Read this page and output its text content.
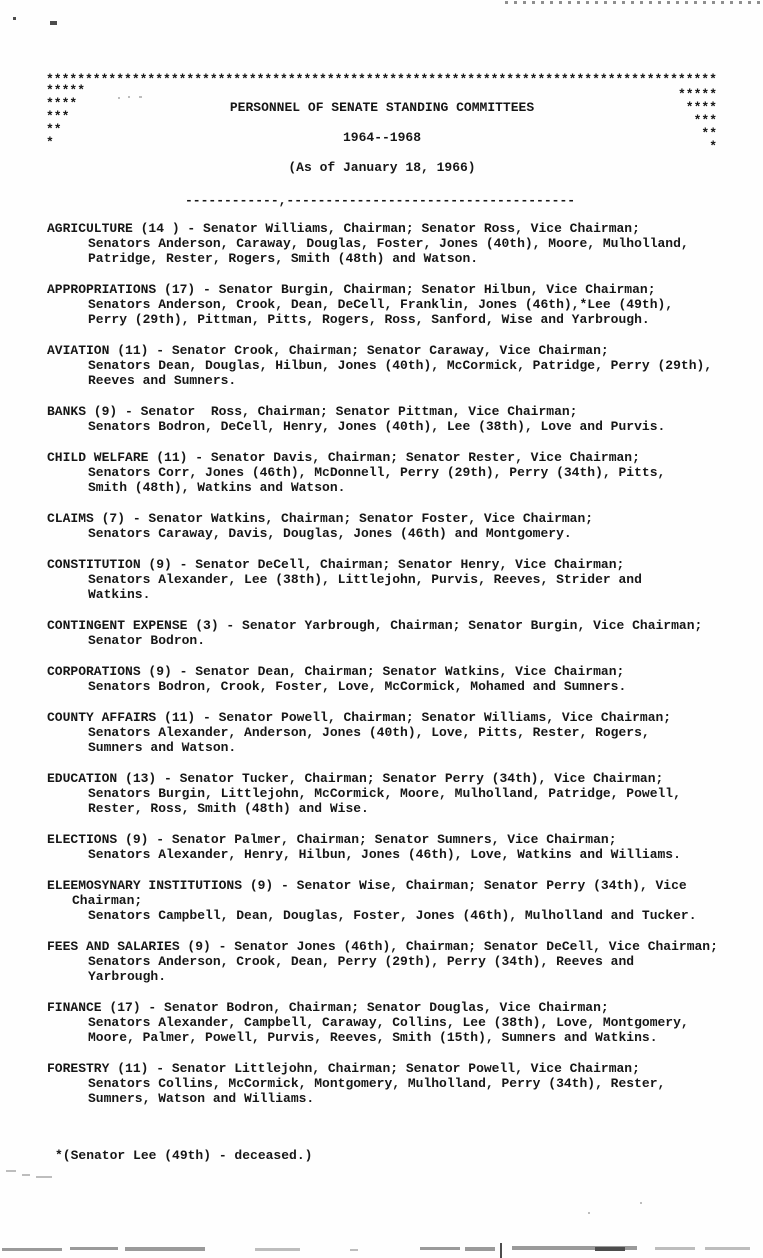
**************************************************************************************
*****
****
***
**
*
*****
****
***
**
*
PERSONNEL OF SENATE STANDING COMMITTEES
1964--1968
(As of January 18, 1966)
------------,-------------------------------------
AGRICULTURE (14 ) - Senator Williams, Chairman; Senator Ross, Vice Chairman;
Senators Anderson, Caraway, Douglas, Foster, Jones (40th), Moore, Mulholland,
Patridge, Rester, Rogers, Smith (48th) and Watson.
APPROPRIATIONS (17) - Senator Burgin, Chairman; Senator Hilbun, Vice Chairman;
Senators Anderson, Crook, Dean, DeCell, Franklin, Jones (46th),*Lee (49th),
Perry (29th), Pittman, Pitts, Rogers, Ross, Sanford, Wise and Yarbrough.
AVIATION (11) - Senator Crook, Chairman; Senator Caraway, Vice Chairman;
Senators Dean, Douglas, Hilbun, Jones (40th), McCormick, Patridge, Perry (29th),
Reeves and Sumners.
BANKS (9) - Senator  Ross, Chairman; Senator Pittman, Vice Chairman;
Senators Bodron, DeCell, Henry, Jones (40th), Lee (38th), Love and Purvis.
CHILD WELFARE (11) - Senator Davis, Chairman; Senator Rester, Vice Chairman;
Senators Corr, Jones (46th), McDonnell, Perry (29th), Perry (34th), Pitts,
Smith (48th), Watkins and Watson.
CLAIMS (7) - Senator Watkins, Chairman; Senator Foster, Vice Chairman;
Senators Caraway, Davis, Douglas, Jones (46th) and Montgomery.
CONSTITUTION (9) - Senator DeCell, Chairman; Senator Henry, Vice Chairman;
Senators Alexander, Lee (38th), Littlejohn, Purvis, Reeves, Strider and
Watkins.
CONTINGENT EXPENSE (3) - Senator Yarbrough, Chairman; Senator Burgin, Vice Chairman;
Senator Bodron.
CORPORATIONS (9) - Senator Dean, Chairman; Senator Watkins, Vice Chairman;
Senators Bodron, Crook, Foster, Love, McCormick, Mohamed and Sumners.
COUNTY AFFAIRS (11) - Senator Powell, Chairman; Senator Williams, Vice Chairman;
Senators Alexander, Anderson, Jones (40th), Love, Pitts, Rester, Rogers,
Sumners and Watson.
EDUCATION (13) - Senator Tucker, Chairman; Senator Perry (34th), Vice Chairman;
Senators Burgin, Littlejohn, McCormick, Moore, Mulholland, Patridge, Powell,
Rester, Ross, Smith (48th) and Wise.
ELECTIONS (9) - Senator Palmer, Chairman; Senator Sumners, Vice Chairman;
Senators Alexander, Henry, Hilbun, Jones (46th), Love, Watkins and Williams.
ELEEMOSYNARY INSTITUTIONS (9) - Senator Wise, Chairman; Senator Perry (34th), Vice
Chairman;
Senators Campbell, Dean, Douglas, Foster, Jones (46th), Mulholland and Tucker.
FEES AND SALARIES (9) - Senator Jones (46th), Chairman; Senator DeCell, Vice Chairman;
Senators Anderson, Crook, Dean, Perry (29th), Perry (34th), Reeves and
Yarbrough.
FINANCE (17) - Senator Bodron, Chairman; Senator Douglas, Vice Chairman;
Senators Alexander, Campbell, Caraway, Collins, Lee (38th), Love, Montgomery,
Moore, Palmer, Powell, Purvis, Reeves, Smith (15th), Sumners and Watkins.
FORESTRY (11) - Senator Littlejohn, Chairman; Senator Powell, Vice Chairman;
Senators Collins, McCormick, Montgomery, Mulholland, Perry (34th), Rester,
Sumners, Watson and Williams.
*(Senator Lee (49th) - deceased.)
